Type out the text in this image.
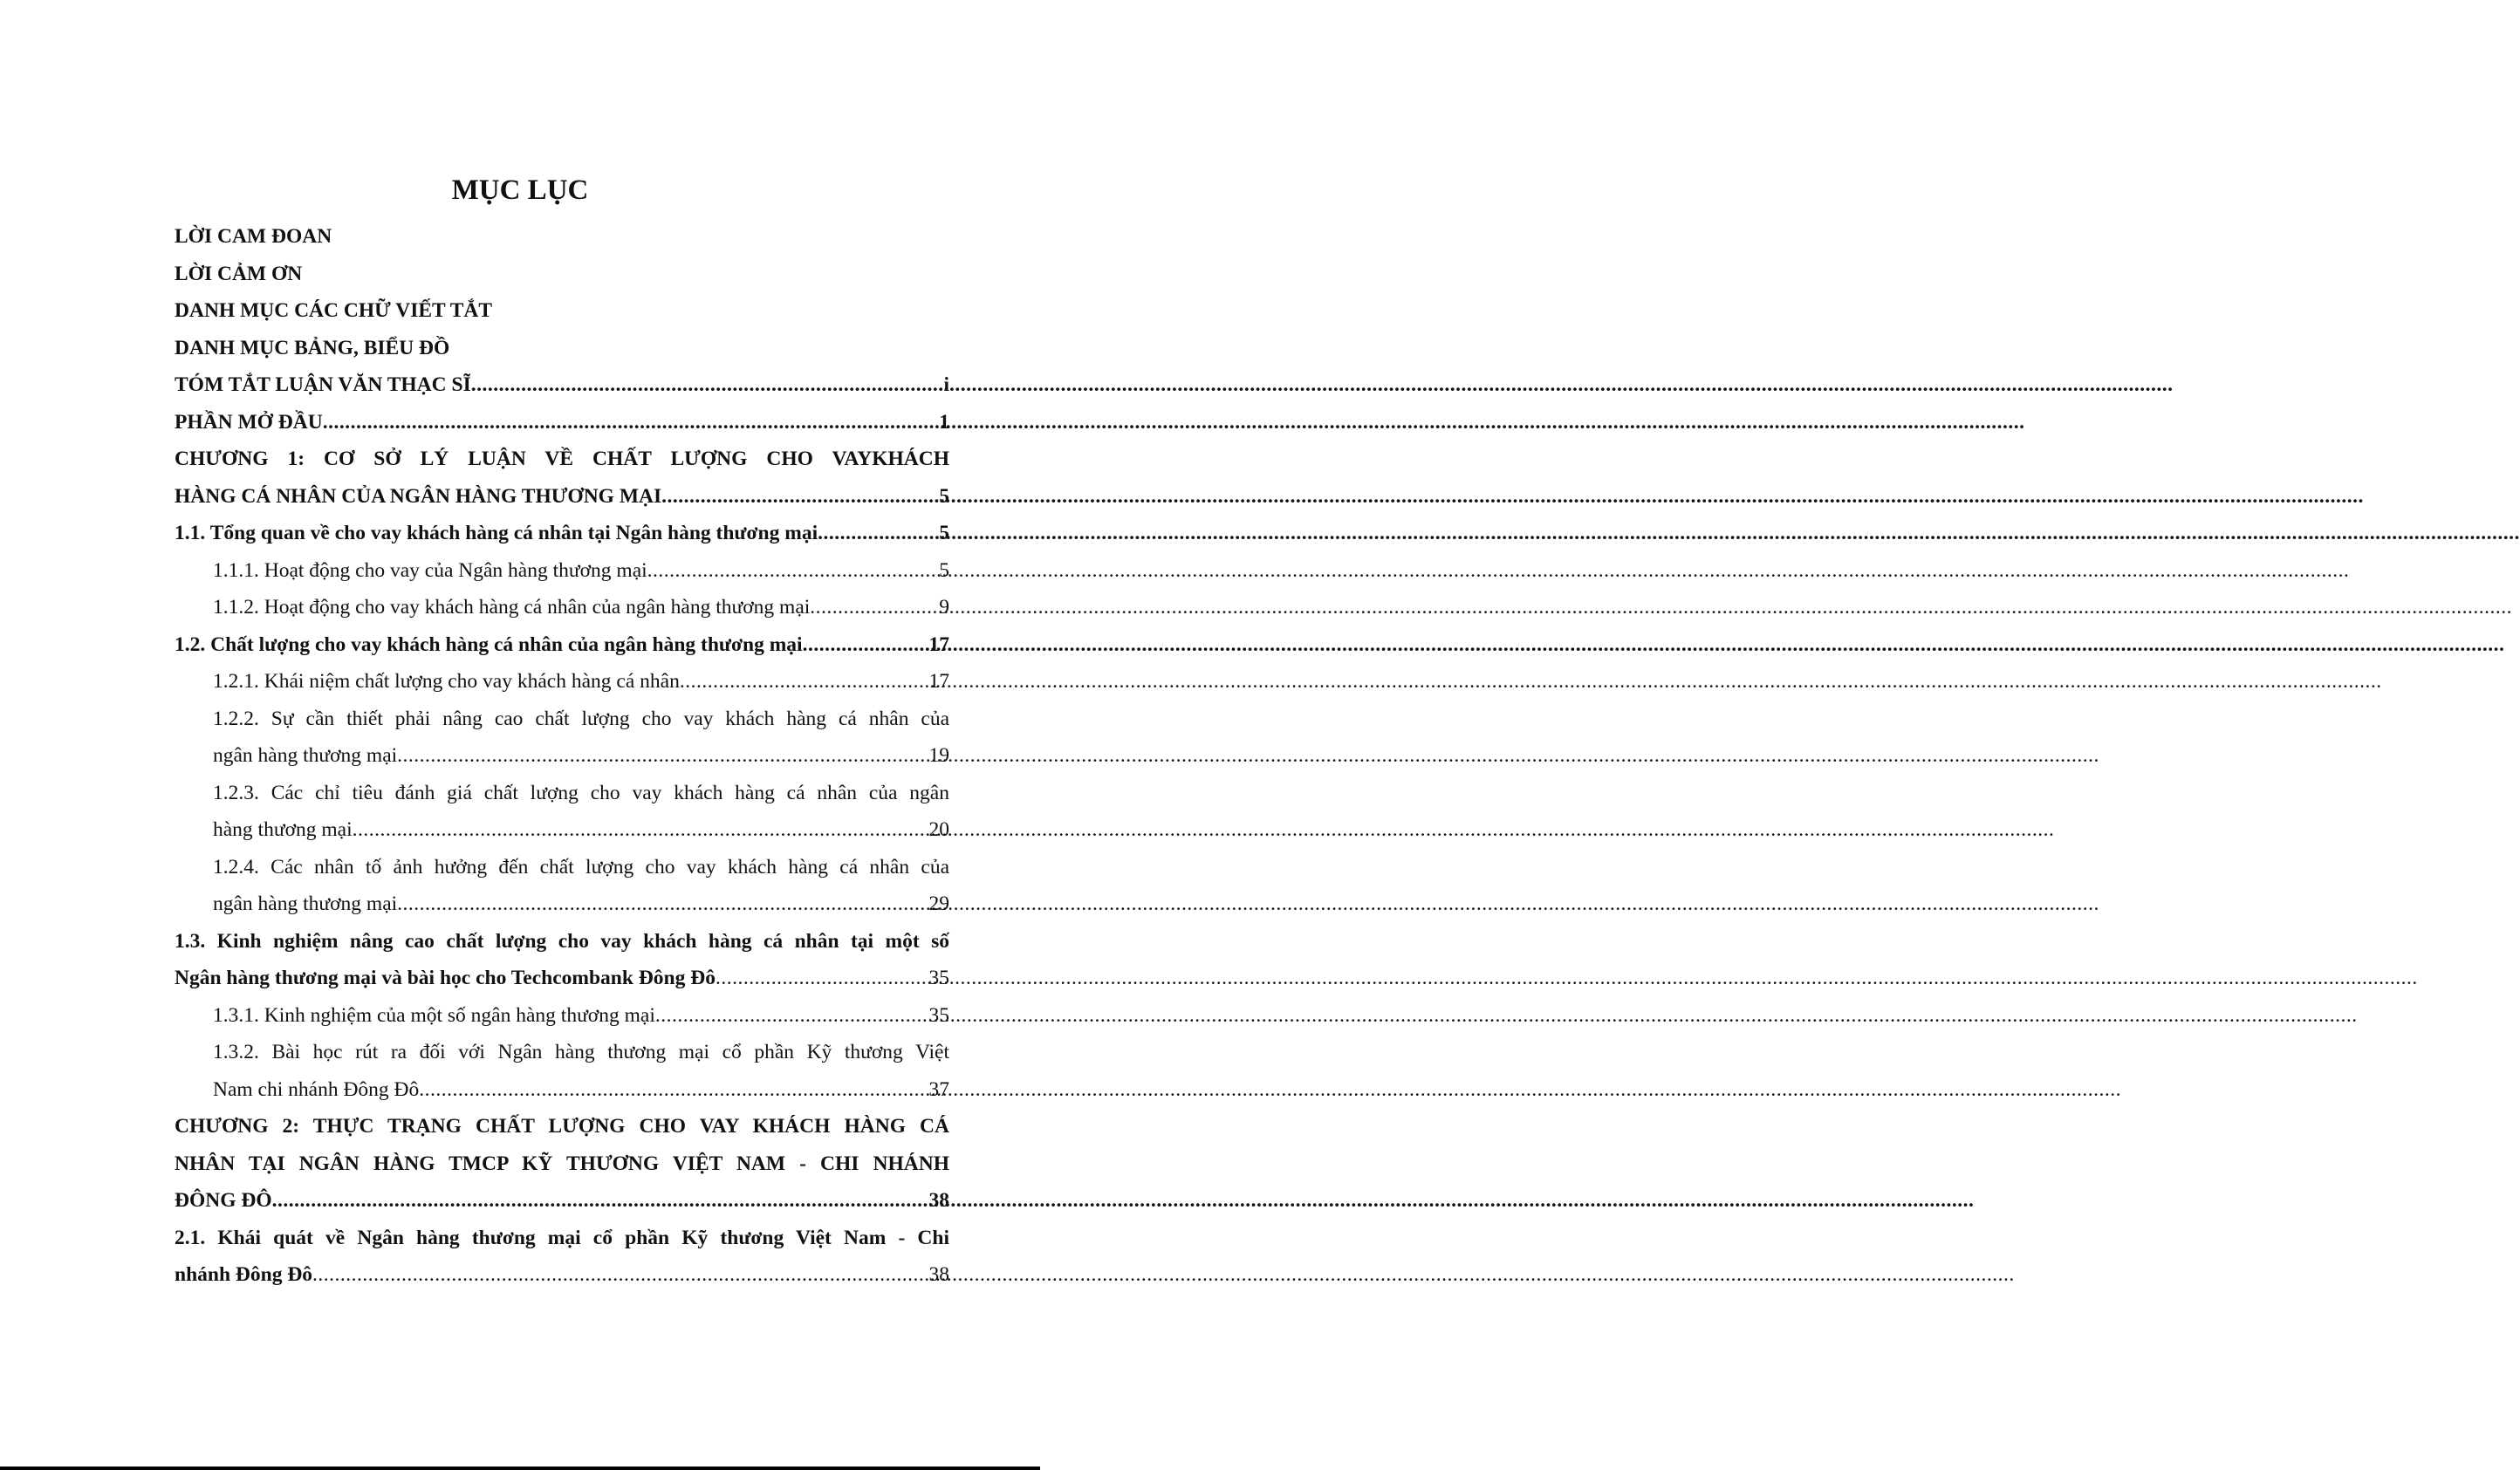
MỤC LỤC
LỜI CAM ĐOAN
LỜI CẢM ƠN
DANH MỤC CÁC CHỮ VIẾT TẮT
DANH MỤC BẢNG, BIỂU ĐỒ
TÓM TẮT LUẬN VĂN THẠC SĨ .....	i
PHẦN MỞ ĐẦU .....	1
CHƯƠNG 1: CƠ SỞ LÝ LUẬN VỀ CHẤT LƯỢNG CHO VAYKHÁCH
HÀNG CÁ NHÂN CỦA NGÂN HÀNG THƯƠNG MẠI .....	5
1.1. Tổng quan về cho vay khách hàng cá nhân tại Ngân hàng thương mại .....	5
1.1.1. Hoạt động cho vay của Ngân hàng thương mại .....	5
1.1.2. Hoạt động cho vay khách hàng cá nhân của ngân hàng thương mại .....	9
1.2. Chất lượng cho vay khách hàng cá nhân của ngân hàng thương mại .....	17
1.2.1. Khái niệm chất lượng cho vay khách hàng cá nhân .....	17
1.2.2. Sự cần thiết phải nâng cao chất lượng cho vay khách hàng cá nhân của
ngân hàng thương mại .....	19
1.2.3. Các chỉ tiêu đánh giá chất lượng cho vay khách hàng cá nhân của ngân
hàng thương mại .....	20
1.2.4. Các nhân tố ảnh hưởng đến chất lượng cho vay khách hàng cá nhân của
ngân hàng thương mại .....	29
1.3. Kinh nghiệm nâng cao chất lượng cho vay khách hàng cá nhân tại một số
Ngân hàng thương mại và bài học cho Techcombank Đông Đô .....	35
1.3.1. Kinh nghiệm của một số ngân hàng thương mại .....	35
1.3.2. Bài học rút ra đối với Ngân hàng thương mại cổ phần Kỹ thương Việt
Nam chi nhánh Đông Đô .....	37
CHƯƠNG 2: THỰC TRẠNG CHẤT LƯỢNG CHO VAY KHÁCH HÀNG CÁ
NHÂN TẠI NGÂN HÀNG TMCP KỸ THƯƠNG VIỆT NAM - CHI NHÁNH
ĐÔNG ĐÔ .....	38
2.1. Khái quát về Ngân hàng thương mại cổ phần Kỹ thương Việt Nam - Chi
nhánh Đông Đô .....	38
